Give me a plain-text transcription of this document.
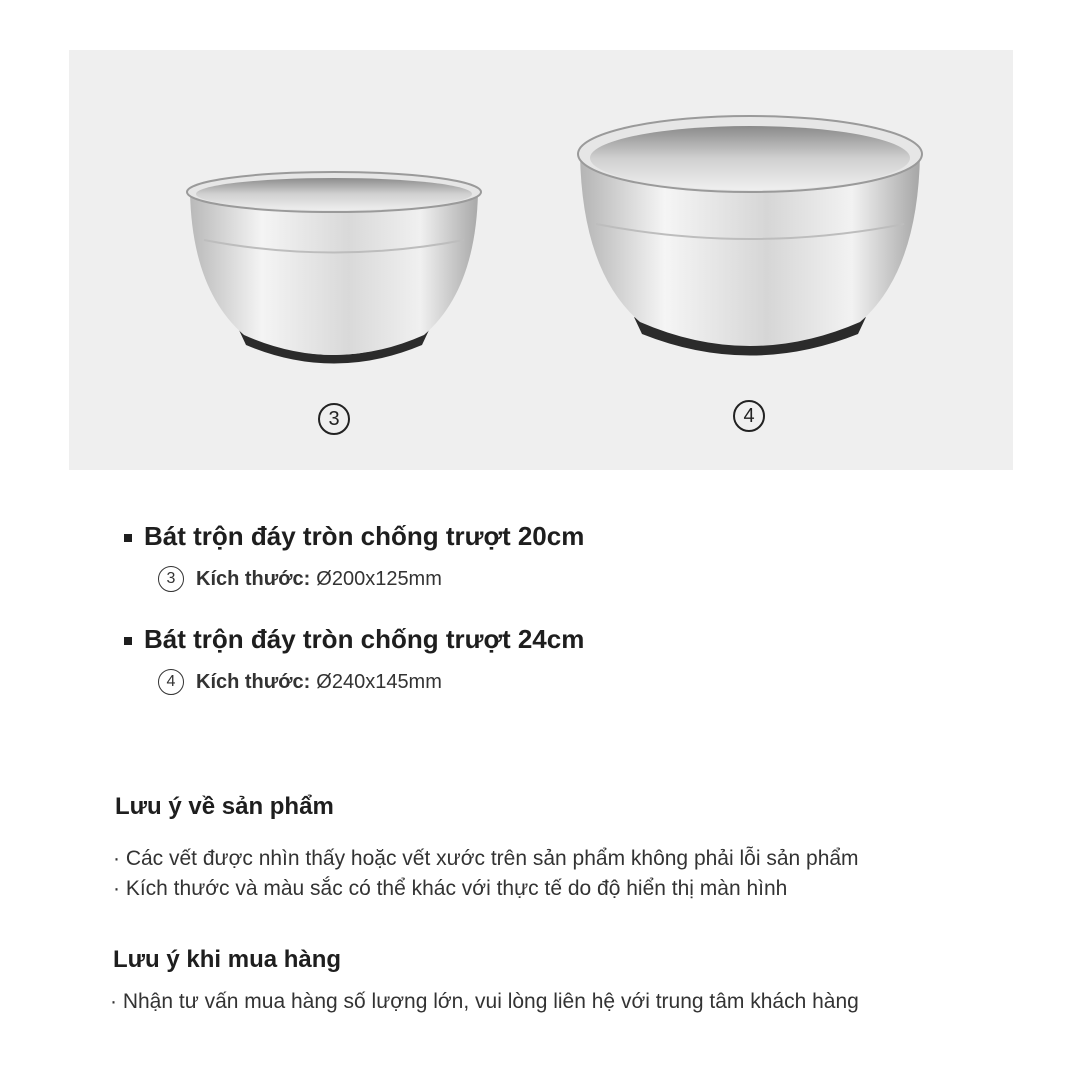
3	4
Bát trộn đáy tròn chống trượt 20cm
3	Kích thước: Ø200x125mm
Bát trộn đáy tròn chống trượt 24cm
4	Kích thước: Ø240x145mm
Lưu ý về sản phẩm
· Các vết được nhìn thấy hoặc vết xước trên sản phẩm không phải lỗi sản phẩm
· Kích thước và màu sắc có thể khác với thực tế do độ hiển thị màn hình
Lưu ý khi mua hàng
· Nhận tư vấn mua hàng số lượng lớn, vui lòng liên hệ với trung tâm khách hàng
